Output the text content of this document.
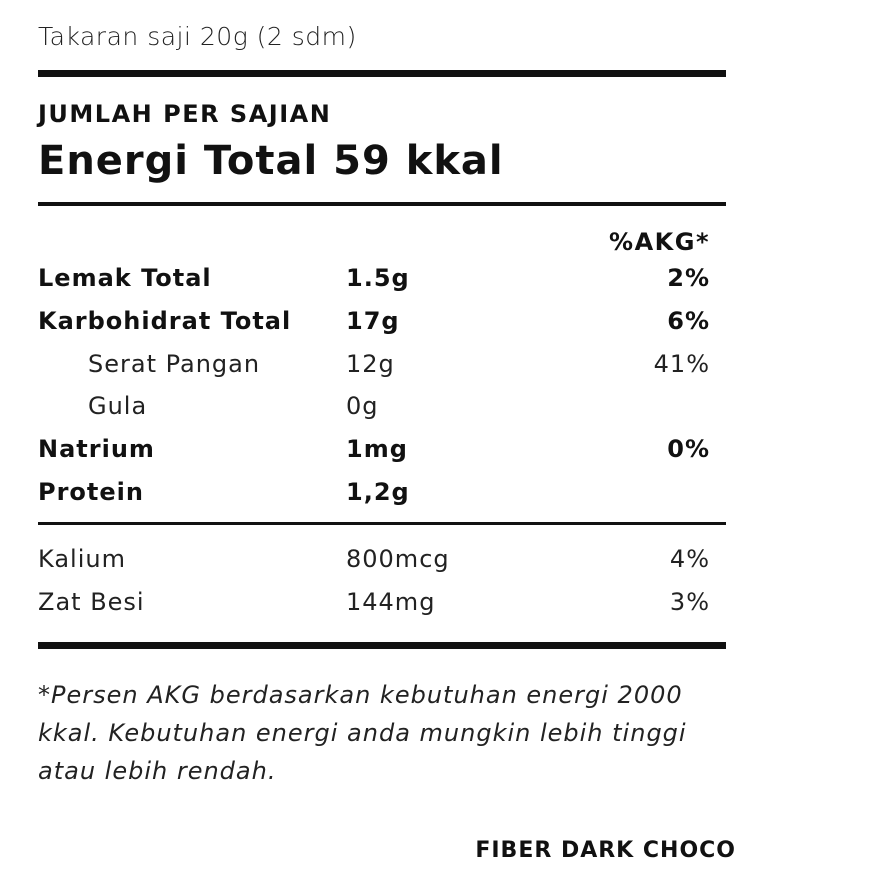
Takaran saji 20g (2 sdm)
JUMLAH PER SAJIAN
Energi Total 59 kkal
%AKG*
Lemak Total	1.5g	2%
Karbohidrat Total 17g	6%
Serat Pangan	12g	41%
Gula	0g
Natrium	1mg	0%
Protein	1,2g
Kalium	800mcg	4%
Zat Besi	144mg	3%
*Persen AKG berdasarkan kebutuhan energi 2000 kkal. Kebutuhan energi anda mungkin lebih tinggi atau lebih rendah.
FIBER DARK CHOCO
